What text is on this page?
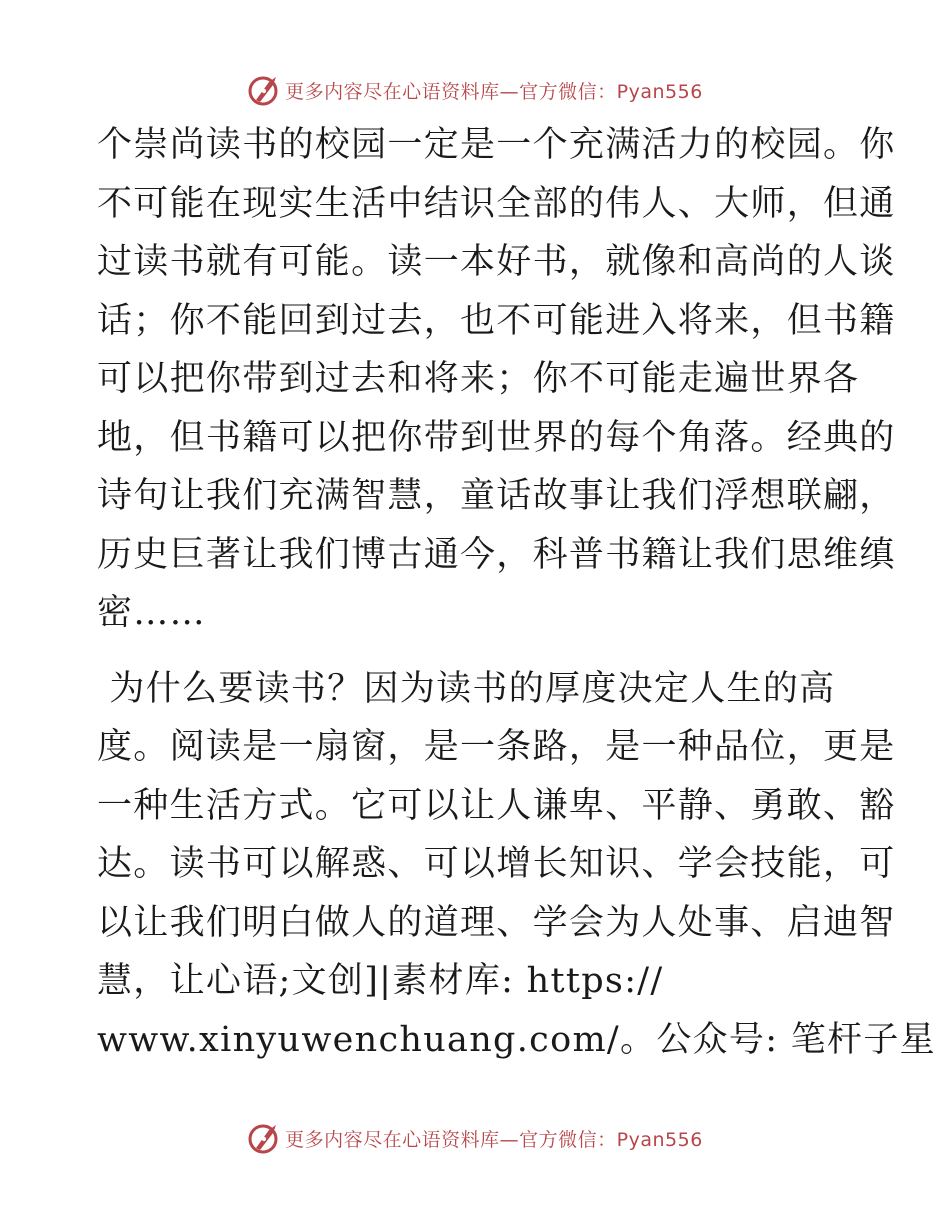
更多内容尽在心语资料库—官方微信：Pyan556
个崇尚读书的校园一定是一个充满活力的校园。你
不可能在现实生活中结识全部的伟人、大师，但通
过读书就有可能。读一本好书，就像和高尚的人谈
话；你不能回到过去，也不可能进入将来，但书籍
可以把你带到过去和将来；你不可能走遍世界各
地，但书籍可以把你带到世界的每个角落。经典的
诗句让我们充满智慧，童话故事让我们浮想联翩，
历史巨著让我们博古通今，科普书籍让我们思维缜
密……
为什么要读书？因为读书的厚度决定人生的高
度。阅读是一扇窗，是一条路，是一种品位，更是
一种生活方式。它可以让人谦卑、平静、勇敢、豁
达。读书可以解惑、可以增长知识、学会技能，可
以让我们明白做人的道理、学会为人处事、启迪智
慧，让心语;文创]|素材库: https://
www.xinyuwenchuang.com/。公众号: 笔杆子星
更多内容尽在心语资料库—官方微信：Pyan556
